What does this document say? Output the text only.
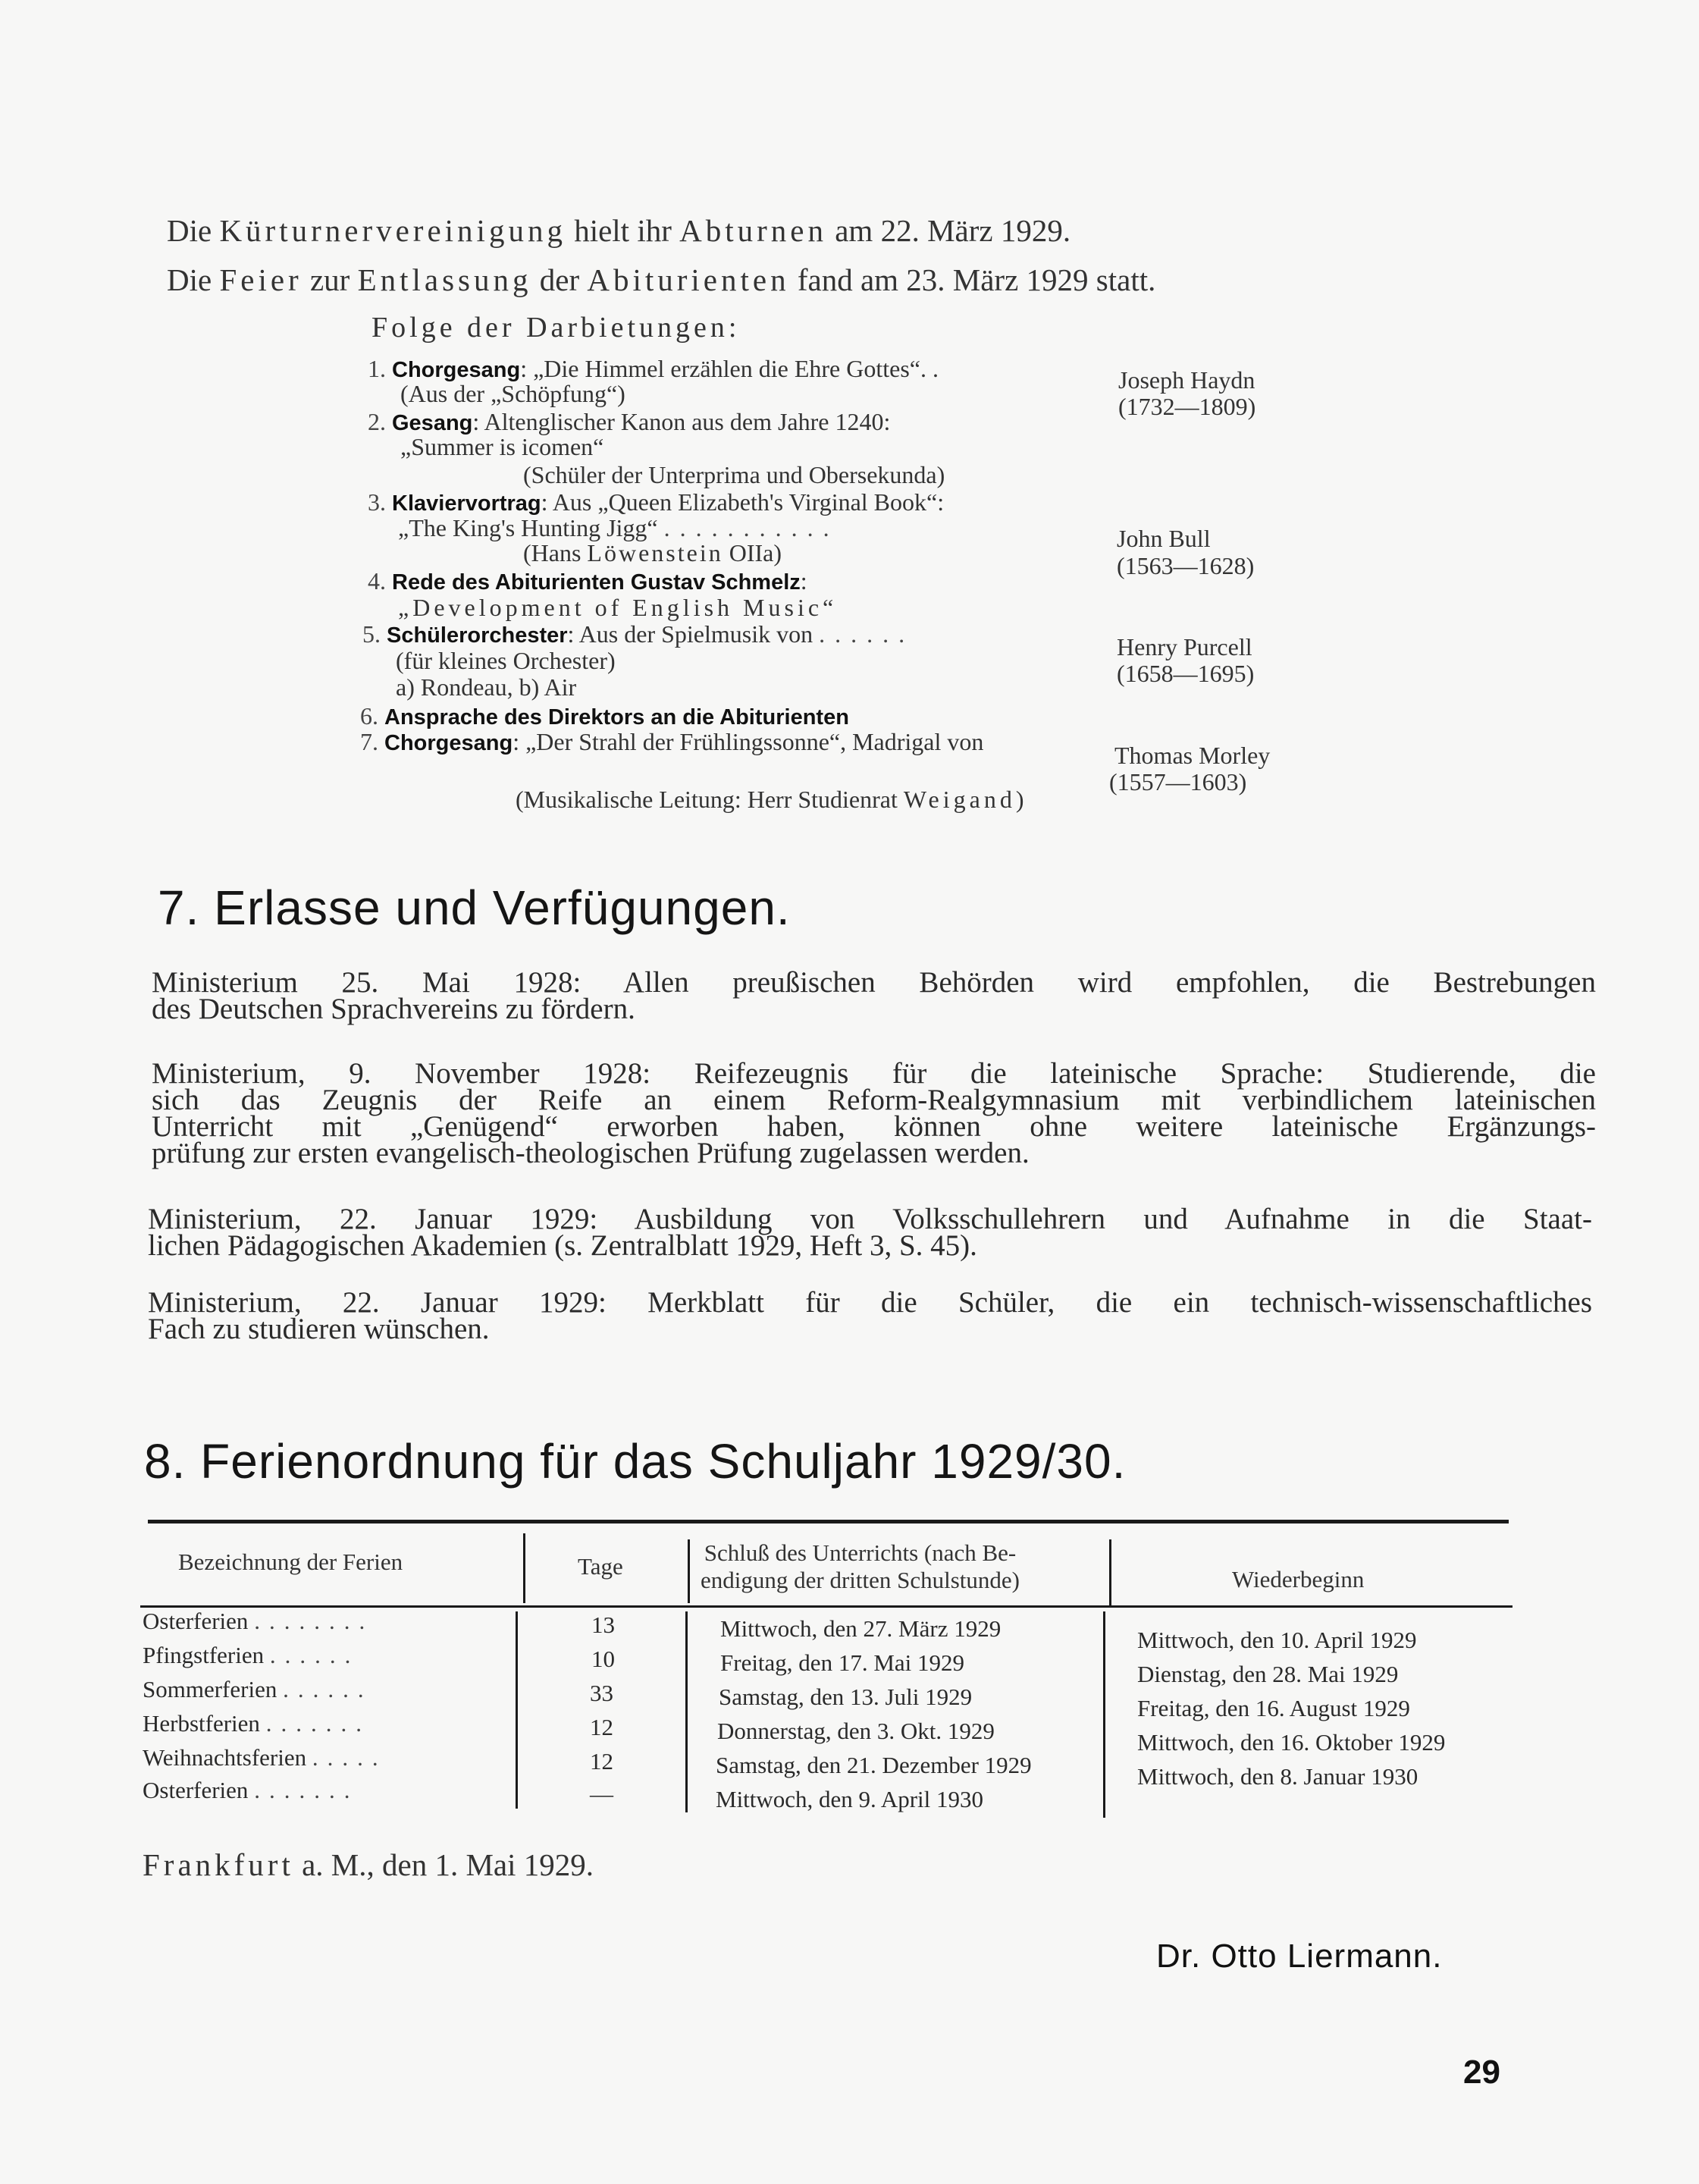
Die Kürturnervereinigung hielt ihr Abturnen am 22. März 1929.
Die Feier zur Entlassung der Abiturienten fand am 23. März 1929 statt.
Folge der Darbietungen:
1. Chorgesang: „Die Himmel erzählen die Ehre Gottes“. .
(Aus der „Schöpfung“)	Joseph Haydn
(1732—1809)
2. Gesang: Altenglischer Kanon aus dem Jahre 1240:
„Summer is icomen“
(Schüler der Unterprima und Obersekunda)
3. Klaviervortrag: Aus „Queen Elizabeth's Virginal Book“:
„The King's Hunting Jigg“ ...........
(Hans Löwenstein OIIa)
John Bull
(1563—1628)
4. Rede des Abiturienten Gustav Schmelz:
„Development of English Music“
5. Schülerorchester: Aus der Spielmusik von ......
(für kleines Orchester)
a) Rondeau, b) Air
Henry Purcell
(1658—1695)
6. Ansprache des Direktors an die Abiturienten
7. Chorgesang: „Der Strahl der Frühlingssonne“, Madrigal von	Thomas Morley
(1557—1603)
(Musikalische Leitung: Herr Studienrat Weigand)
7. Erlasse und Verfügungen.
Ministerium 25. Mai 1928: Allen preußischen Behörden wird empfohlen, die Bestrebungen
des Deutschen Sprachvereins zu fördern.
Ministerium, 9. November 1928: Reifezeugnis für die lateinische Sprache: Studierende, die
sich das Zeugnis der Reife an einem Reform-Realgymnasium mit verbindlichem lateinischen
Unterricht mit „Genügend“ erworben haben, können ohne weitere lateinische Ergänzungs-
prüfung zur ersten evangelisch-theologischen Prüfung zugelassen werden.
Ministerium, 22. Januar 1929: Ausbildung von Volksschullehrern und Aufnahme in die Staat-
lichen Pädagogischen Akademien (s. Zentralblatt 1929, Heft 3, S. 45).
Ministerium, 22. Januar 1929: Merkblatt für die Schüler, die ein technisch-wissenschaftliches
Fach zu studieren wünschen.
8. Ferienordnung für das Schuljahr 1929/30.
Bezeichnung der Ferien	Tage
Schluß des Unterrichts (nach Be-
endigung der dritten Schulstunde)	Wiederbeginn
Osterferien ........	13	Mittwoch, den 27. März 1929	Mittwoch, den 10. April 1929
Pfingstferien ......	10	Freitag, den 17. Mai 1929	Dienstag, den 28. Mai 1929
Sommerferien ......	33	Samstag, den 13. Juli 1929	Freitag, den 16. August 1929
Herbstferien .......	12	Donnerstag, den 3. Okt. 1929	Mittwoch, den 16. Oktober 1929
Weihnachtsferien .....	12	Samstag, den 21. Dezember 1929	Mittwoch, den 8. Januar 1930
Osterferien .......	—	Mittwoch, den 9. April 1930
Frankfurt a. M., den 1. Mai 1929.
Dr. Otto Liermann.
29
